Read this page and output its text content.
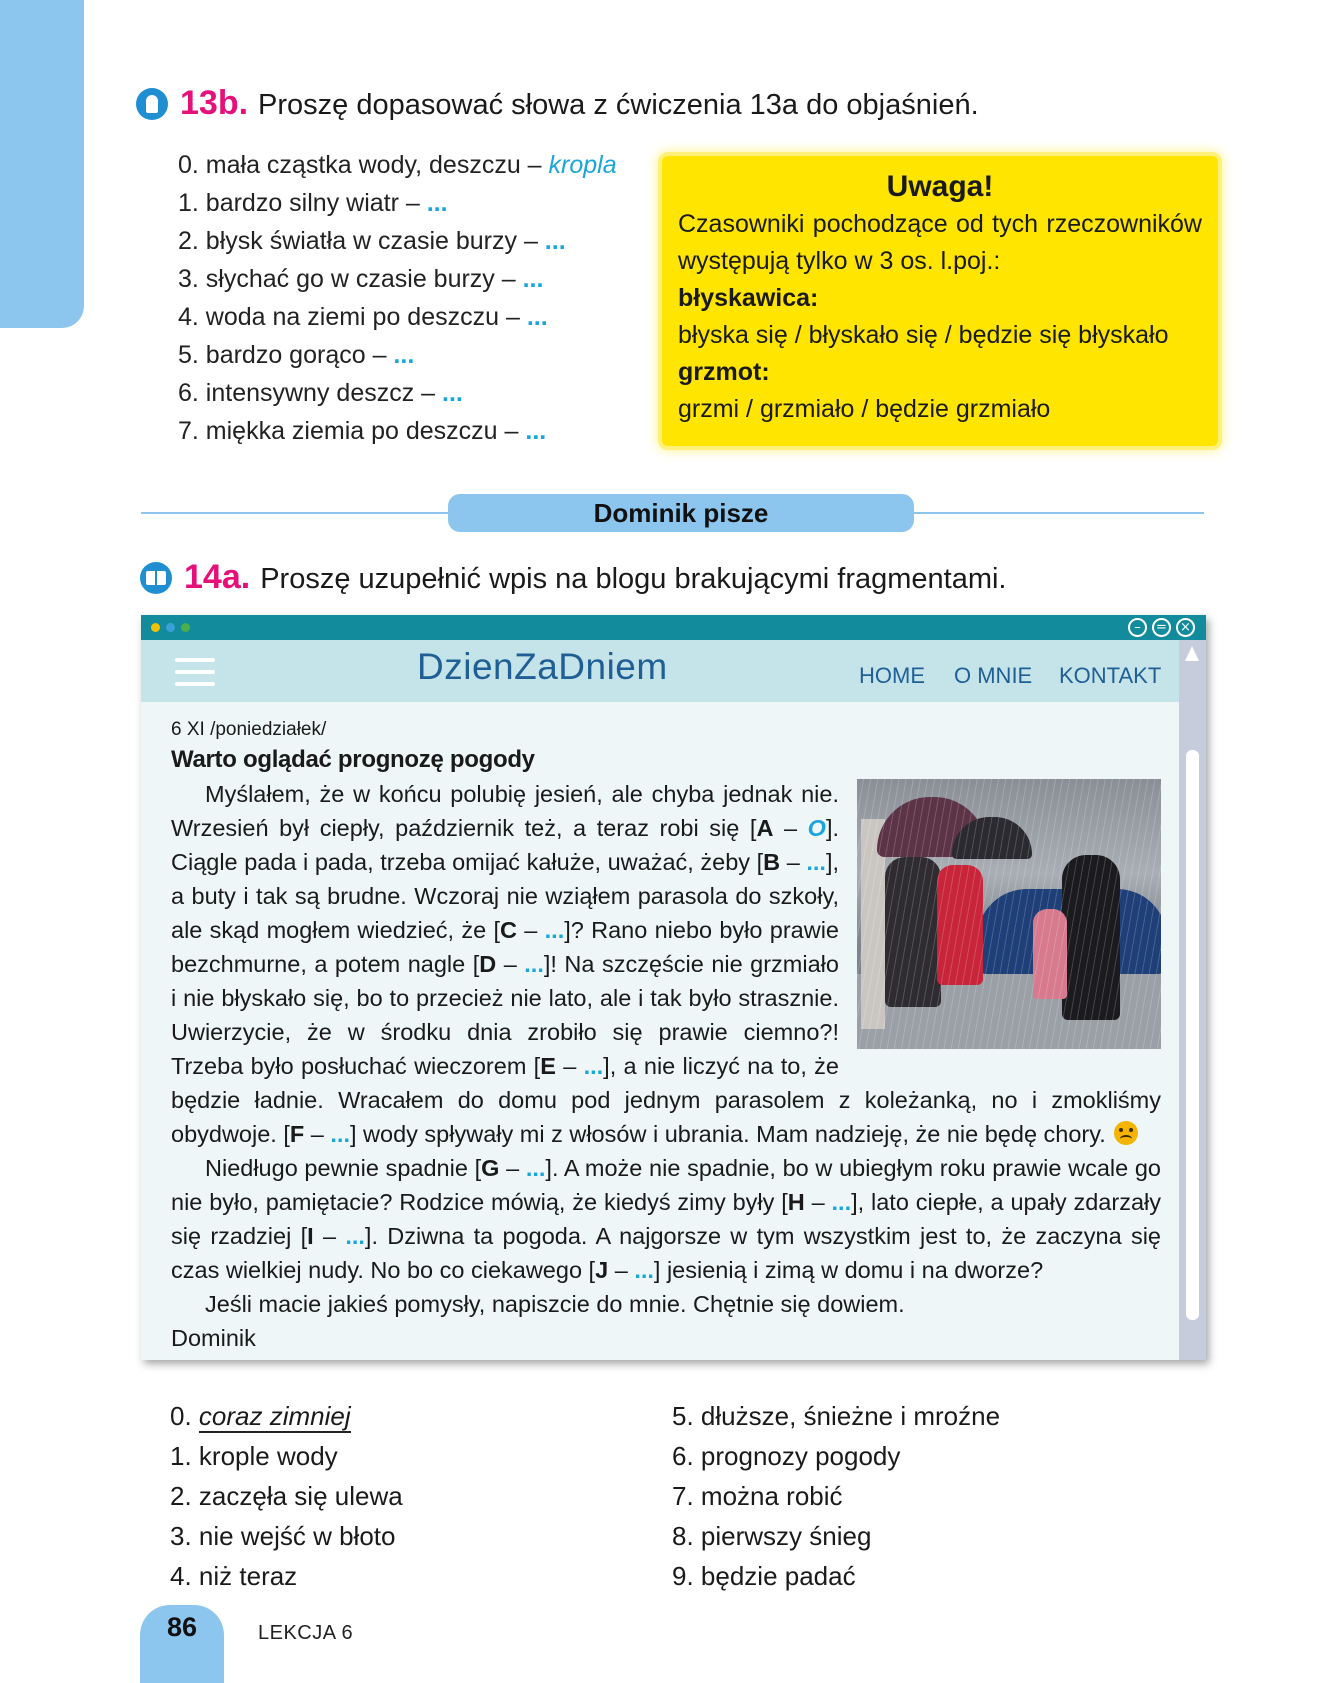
13b. Proszę dopasować słowa z ćwiczenia 13a do objaśnień.
0. mała cząstka wody, deszczu – kropla
1. bardzo silny wiatr – ...
2. błysk światła w czasie burzy – ...
3. słychać go w czasie burzy – ...
4. woda na ziemi po deszczu – ...
5. bardzo gorąco – ...
6. intensywny deszcz – ...
7. miękka ziemia po deszczu – ...
Uwaga!

Czasowniki pochodzące od tych rzeczowników występują tylko w 3 os. l.poj.:

błyskawica:
błyska się / błyskało się / będzie się błyskało
grzmot:
grzmi / grzmiało / będzie grzmiało
Dominik pisze
14a. Proszę uzupełnić wpis na blogu brakującymi fragmentami.
–	=	×
DzienZaDniem	HOME O MNIE KONTAKT
6 XI /poniedziałek/
Warto oglądać prognozę pogody

Myślałem, że w końcu polubię jesień, ale chyba jednak nie. Wrzesień był ciepły, październik też, a teraz robi się [A – O]. Ciągle pada i pada, trzeba omijać kałuże, uważać, żeby [B – ...], a buty i tak są brudne. Wczoraj nie wziąłem parasola do szkoły, ale skąd mogłem wiedzieć, że [C – ...]? Rano niebo było prawie bezchmurne, a potem nagle [D – ...]! Na szczęście nie grzmiało i nie błyskało się, bo to przecież nie lato, ale i tak było strasznie. Uwierzycie, że w środku dnia zrobiło się prawie ciemno?! Trzeba było posłuchać wieczorem [E – ...], a nie liczyć na to, że będzie ładnie. Wracałem do domu pod jednym parasolem z koleżanką, no i zmokliśmy obydwoje. [F – ...] wody spływały mi z włosów i ubrania. Mam nadzieję, że nie będę chory.

Niedługo pewnie spadnie [G – ...]. A może nie spadnie, bo w ubiegłym roku prawie wcale go nie było, pamiętacie? Rodzice mówią, że kiedyś zimy były [H – ...], lato ciepłe, a upały zdarzały się rzadziej [I – ...]. Dziwna ta pogoda. A najgorsze w tym wszystkim jest to, że zaczyna się czas wielkiej nudy. No bo co ciekawego [J – ...] jesienią i zimą w domu i na dworze?

Jeśli macie jakieś pomysły, napiszcie do mnie. Chętnie się dowiem.

Dominik

0. coraz zimniej
1. krople wody
2. zaczęła się ulewa
3. nie wejść w błoto
4. niż teraz
5. dłuższe, śnieżne i mroźne
6. prognozy pogody
7. można robić
8. pierwszy śnieg
9. będzie padać
86	LEKCJA 6
